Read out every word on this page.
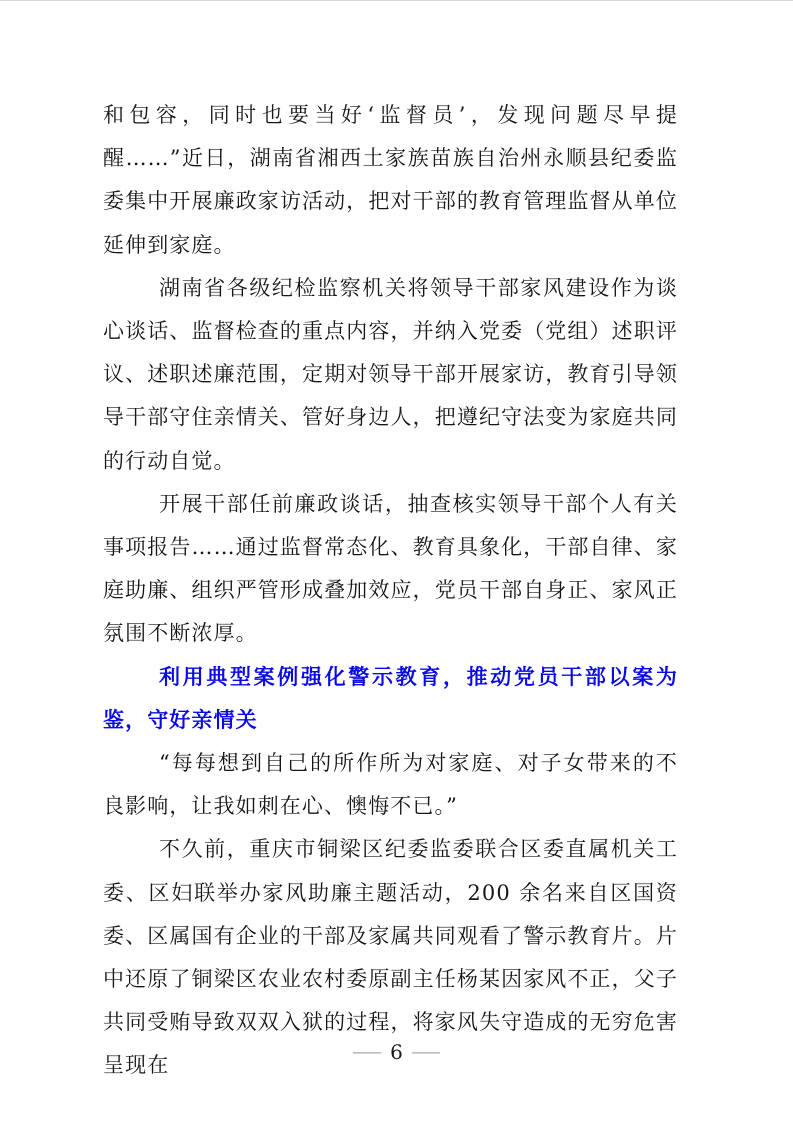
和包容，同时也要当好‘监督员’，发现问题尽早提醒……”近日，湖南省湘西土家族苗族自治州永顺县纪委监委集中开展廉政家访活动，把对干部的教育管理监督从单位延伸到家庭。

湖南省各级纪检监察机关将领导干部家风建设作为谈心谈话、监督检查的重点内容，并纳入党委（党组）述职评议、述职述廉范围，定期对领导干部开展家访，教育引导领导干部守住亲情关、管好身边人，把遵纪守法变为家庭共同的行动自觉。

开展干部任前廉政谈话，抽查核实领导干部个人有关事项报告……通过监督常态化、教育具象化，干部自律、家庭助廉、组织严管形成叠加效应，党员干部自身正、家风正氛围不断浓厚。

利用典型案例强化警示教育，推动党员干部以案为鉴，守好亲情关

“每每想到自己的所作所为对家庭、对子女带来的不良影响，让我如刺在心、懊悔不已。”

不久前，重庆市铜梁区纪委监委联合区委直属机关工委、区妇联举办家风助廉主题活动，200 余名来自区国资委、区属国有企业的干部及家属共同观看了警示教育片。片中还原了铜梁区农业农村委原副主任杨某因家风不正，父子共同受贿导致双双入狱的过程，将家风失守造成的无穷危害呈现在

— 6 —
